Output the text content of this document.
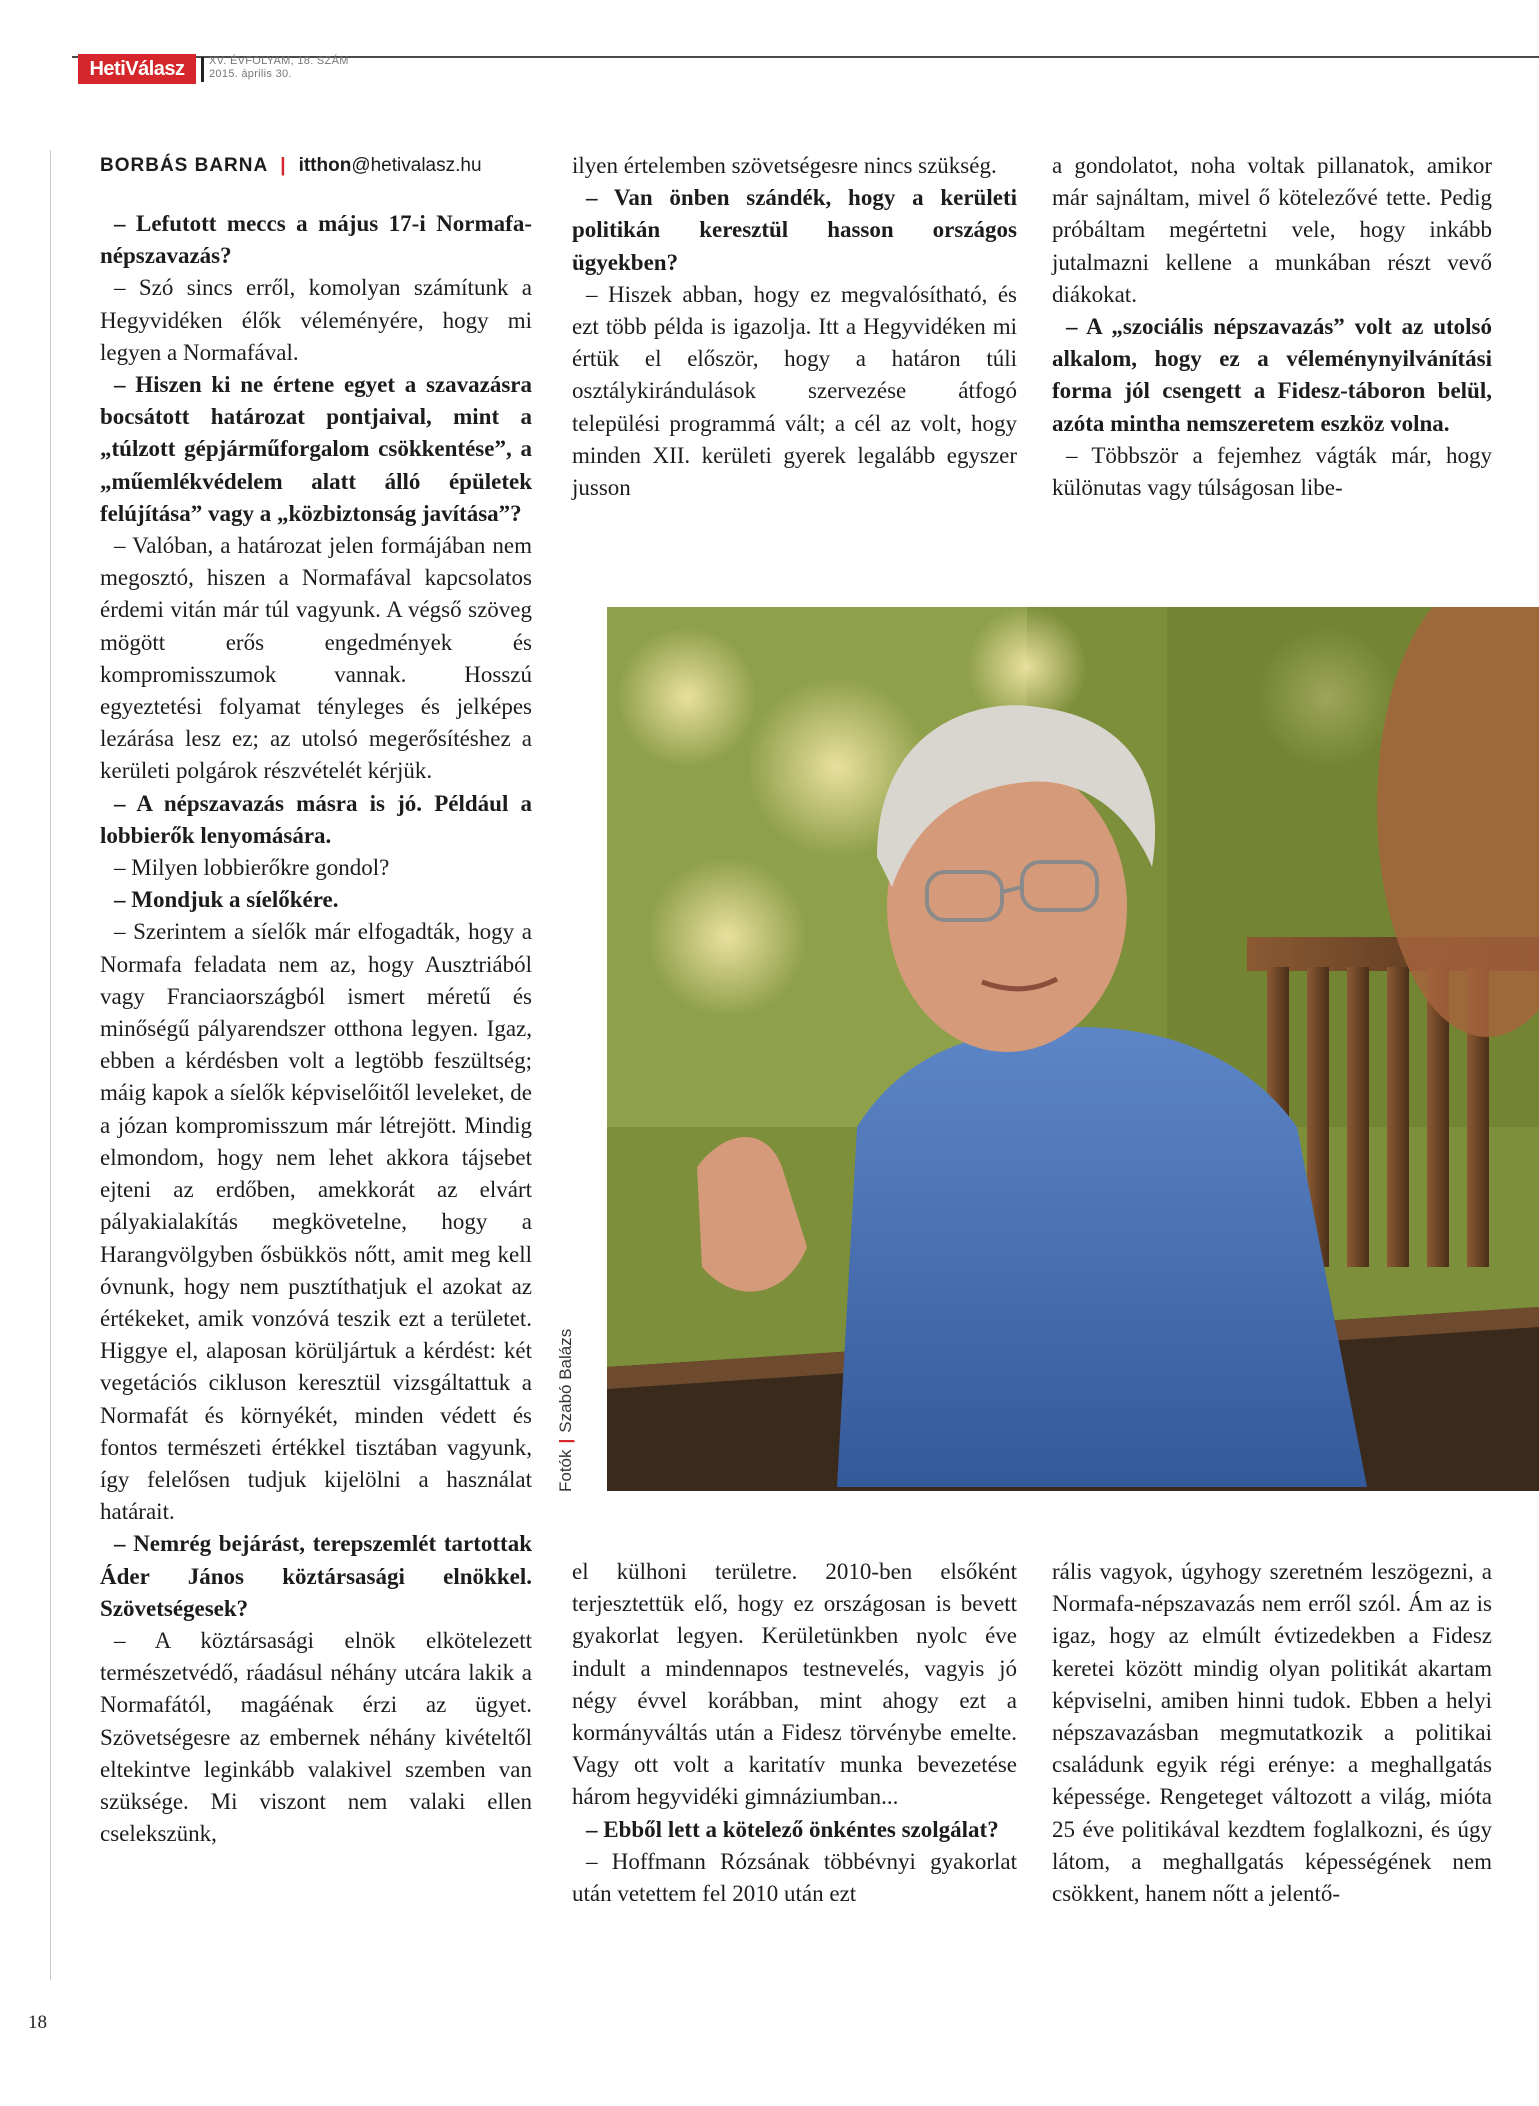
HetiVálasz	XV. ÉVFOLYAM, 18. SZÁM
2015. április 30.
BORBÁS BARNA | itthon@hetivalasz.hu

– Lefutott meccs a május 17-i Normafa-népszavazás?

– Szó sincs erről, komolyan számítunk a Hegyvidéken élők véleményére, hogy mi legyen a Normafával.

– Hiszen ki ne értene egyet a szavazásra bocsátott határozat pontjaival, mint a „túlzott gépjárműforgalom csökkentése”, a „műemlékvédelem alatt álló épületek felújítása” vagy a „közbiztonság javítása”?

– Valóban, a határozat jelen formájában nem megosztó, hiszen a Normafával kapcsolatos érdemi vitán már túl vagyunk. A végső szöveg mögött erős engedmények és kompromisszumok vannak. Hosszú egyeztetési folyamat tényleges és jelképes lezárása lesz ez; az utolsó megerősítéshez a kerületi polgárok részvételét kérjük.

– A népszavazás másra is jó. Például a lobbierők lenyomására.

– Milyen lobbierőkre gondol?

– Mondjuk a síelőkére.

– Szerintem a síelők már elfogadták, hogy a Normafa feladata nem az, hogy Ausztriából vagy Franciaországból ismert méretű és minőségű pályarendszer otthona legyen. Igaz, ebben a kérdésben volt a legtöbb feszültség; máig kapok a síelők képviselőitől leveleket, de a józan kompromisszum már létrejött. Mindig elmondom, hogy nem lehet akkora tájsebet ejteni az erdőben, amekkorát az elvárt pályakialakítás megkövetelne, hogy a Harangvölgyben ősbükkös nőtt, amit meg kell óvnunk, hogy nem pusztíthatjuk el azokat az értékeket, amik vonzóvá teszik ezt a területet. Higgye el, alaposan körüljártuk a kérdést: két vegetációs cikluson keresztül vizsgáltattuk a Normafát és környékét, minden védett és fontos természeti értékkel tisztában vagyunk, így felelősen tudjuk kijelölni a használat határait.

– Nemrég bejárást, terepszemlét tartottak Áder János köztársasági elnökkel. Szövetségesek?

– A köztársasági elnök elkötelezett természetvédő, ráadásul néhány utcára lakik a Normafától, magáénak érzi az ügyet. Szövetségesre az embernek néhány kivételtől eltekintve leginkább valakivel szemben van szüksége. Mi viszont nem valaki ellen cselekszünk,

ilyen értelemben szövetségesre nincs szükség.

– Van önben szándék, hogy a kerületi politikán keresztül hasson országos ügyekben?

– Hiszek abban, hogy ez megvalósítható, és ezt több példa is igazolja. Itt a Hegyvidéken mi értük el először, hogy a határon túli osztálykirándulások szervezése átfogó települési programmá vált; a cél az volt, hogy minden XII. kerületi gyerek legalább egyszer jusson

a gondolatot, noha voltak pillanatok, amikor már sajnáltam, mivel ő kötelezővé tette. Pedig próbáltam megértetni vele, hogy inkább jutalmazni kellene a munkában részt vevő diákokat.

– A „szociális népszavazás” volt az utolsó alkalom, hogy ez a véleménynyilvánítási forma jól csengett a Fidesz-táboron belül, azóta mintha nemszeretem eszköz volna.

– Többször a fejemhez vágták már, hogy különutas vagy túlságosan libe-

Fotók|Szabó Balázs

el külhoni területre. 2010-ben elsőként terjesztettük elő, hogy ez országosan is bevett gyakorlat legyen. Kerületünkben nyolc éve indult a mindennapos testnevelés, vagyis jó négy évvel korábban, mint ahogy ezt a kormányváltás után a Fidesz törvénybe emelte. Vagy ott volt a karitatív munka bevezetése három hegyvidéki gimnáziumban...

– Ebből lett a kötelező önkéntes szolgálat?

– Hoffmann Rózsának többévnyi gyakorlat után vetettem fel 2010 után ezt

rális vagyok, úgyhogy szeretném leszögezni, a Normafa-népszavazás nem erről szól. Ám az is igaz, hogy az elmúlt évtizedekben a Fidesz keretei között mindig olyan politikát akartam képviselni, amiben hinni tudok. Ebben a helyi népszavazásban megmutatkozik a politikai családunk egyik régi erénye: a meghallgatás képessége. Rengeteget változott a világ, mióta 25 éve politikával kezdtem foglalkozni, és úgy látom, a meghallgatás képességének nem csökkent, hanem nőtt a jelentő-

18
